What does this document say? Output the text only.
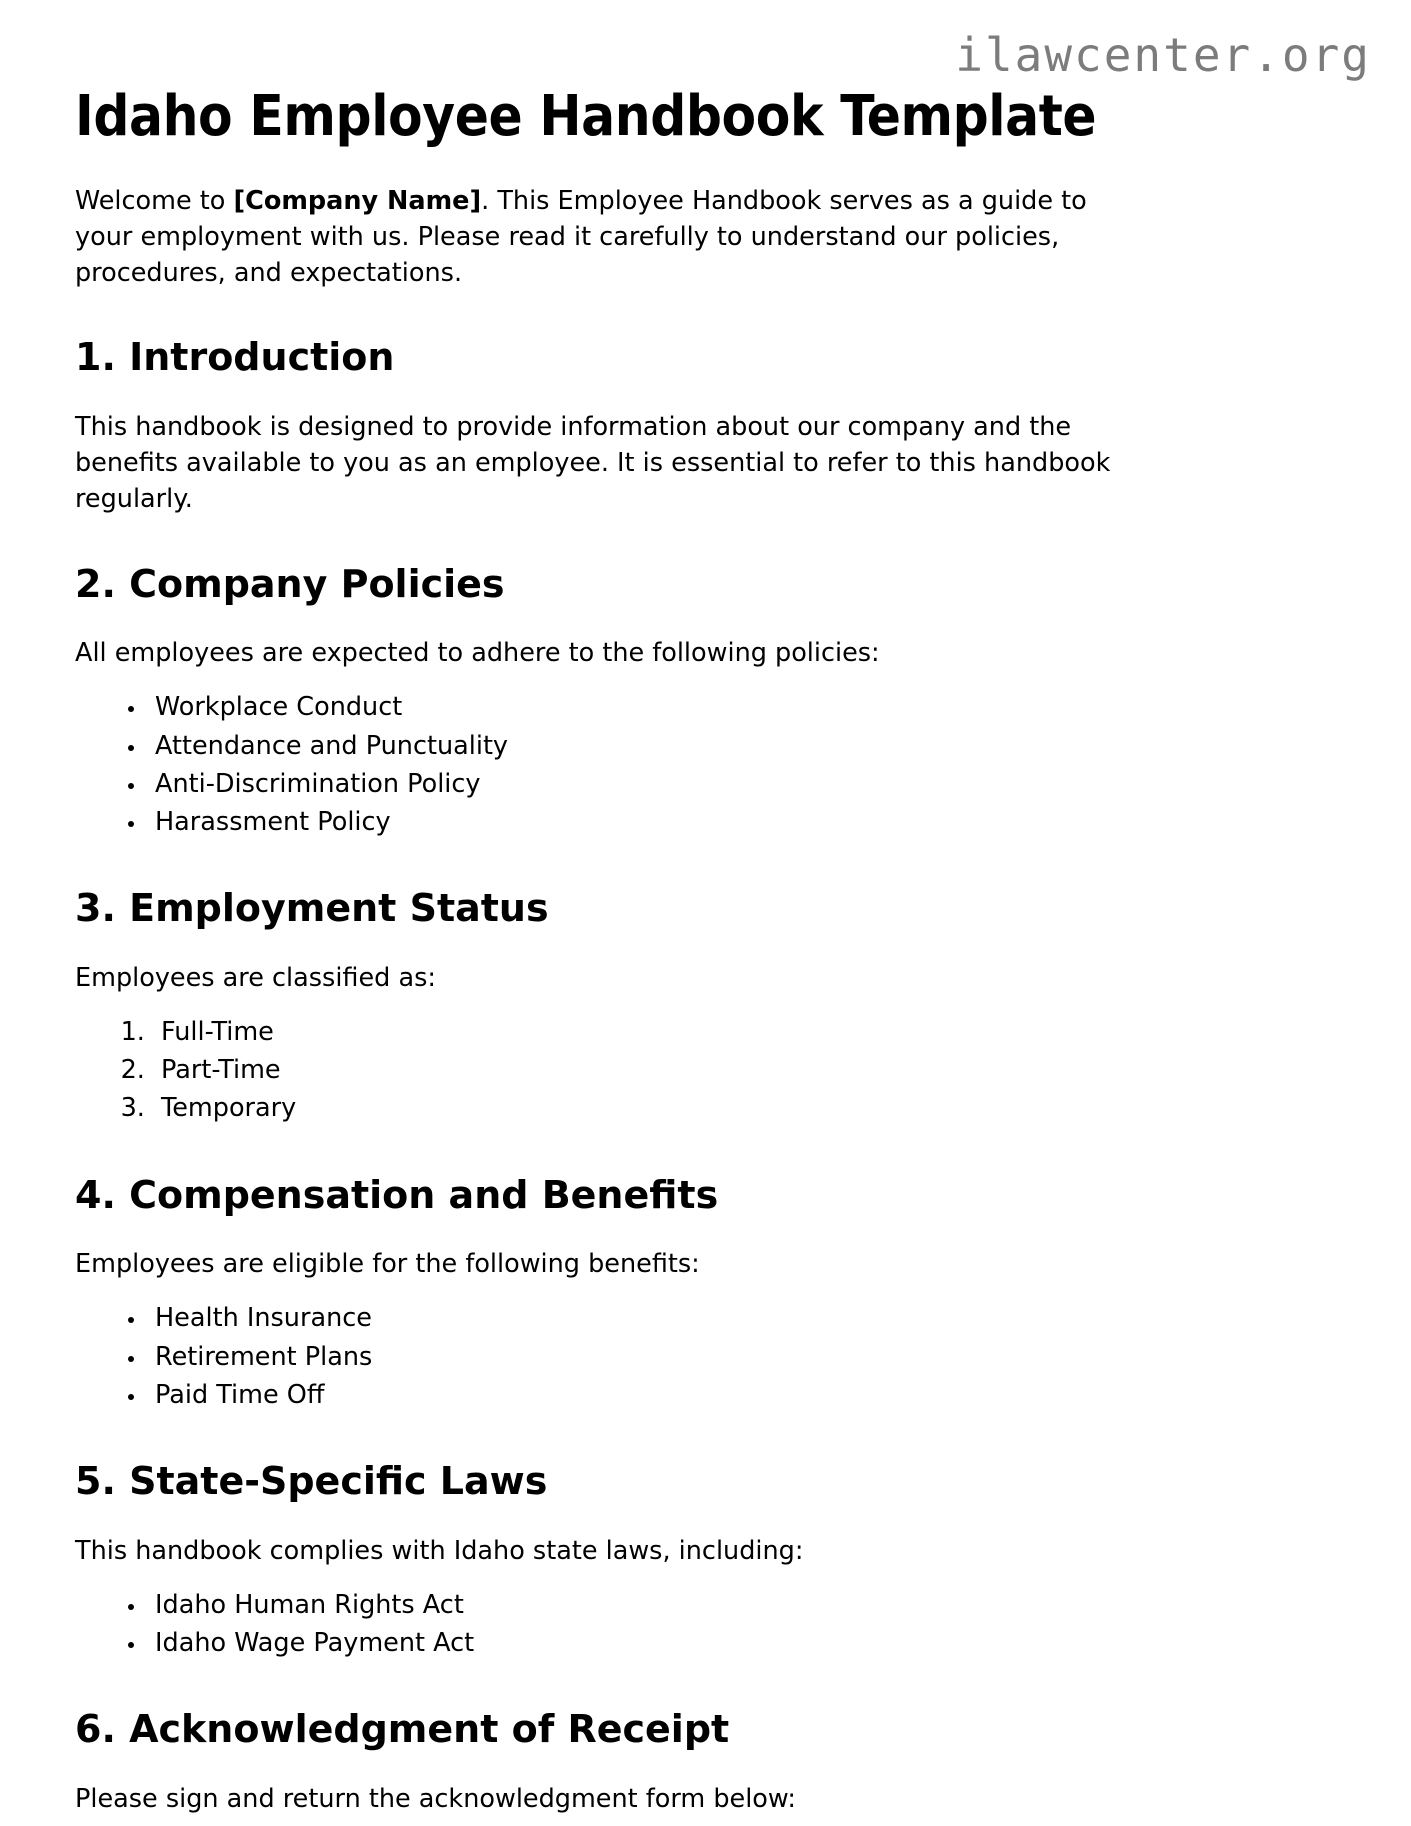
ilawcenter.org
Idaho Employee Handbook Template

Welcome to [Company Name]. This Employee Handbook serves as a guide to your employment with us. Please read it carefully to understand our policies, procedures, and expectations.

1. Introduction

This handbook is designed to provide information about our company and the benefits available to you as an employee. It is essential to refer to this handbook regularly.

2. Company Policies

All employees are expected to adhere to the following policies:

• Workplace Conduct
• Attendance and Punctuality
• Anti-Discrimination Policy
• Harassment Policy
3. Employment Status

Employees are classified as:

1. Full-Time
2. Part-Time
3. Temporary
4. Compensation and Benefits

Employees are eligible for the following benefits:

• Health Insurance
• Retirement Plans
• Paid Time Off
5. State-Specific Laws

This handbook complies with Idaho state laws, including:

• Idaho Human Rights Act
• Idaho Wage Payment Act
6. Acknowledgment of Receipt

Please sign and return the acknowledgment form below:
